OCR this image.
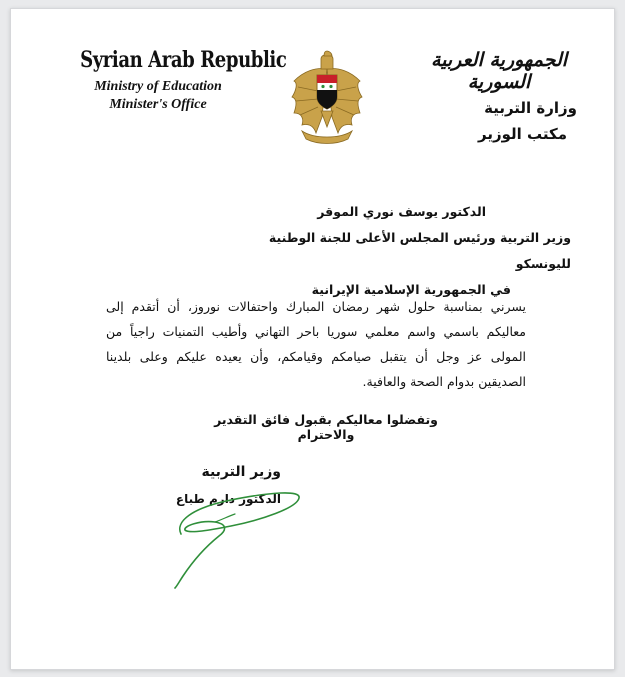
Syrian Arab Republic
Ministry of Education
Minister's Office
الجمهورية العربية السورية
وزارة التربية
مكتب الوزير
الدكتور يوسف نوري الموقر
وزير التربية ورئيس المجلس الأعلى للجنة الوطنية لليونسكو
في الجمهورية الإسلامية الإيرانية
يسرني بمناسبة حلول شهر رمضان المبارك واحتفالات نوروز، أن أتقدم إلى معاليكم باسمي واسم معلمي سوريا باحر التهاني وأطيب التمنيات راجياً من المولى عز وجل أن يتقبل صيامكم وقيامكم، وأن يعيده عليكم وعلى بلدينا الصديقين بدوام الصحة والعافية.
وتفضلوا معاليكم بقبول فائق التقدير والاحترام
وزير التربية
الدكتور دارم طباع
